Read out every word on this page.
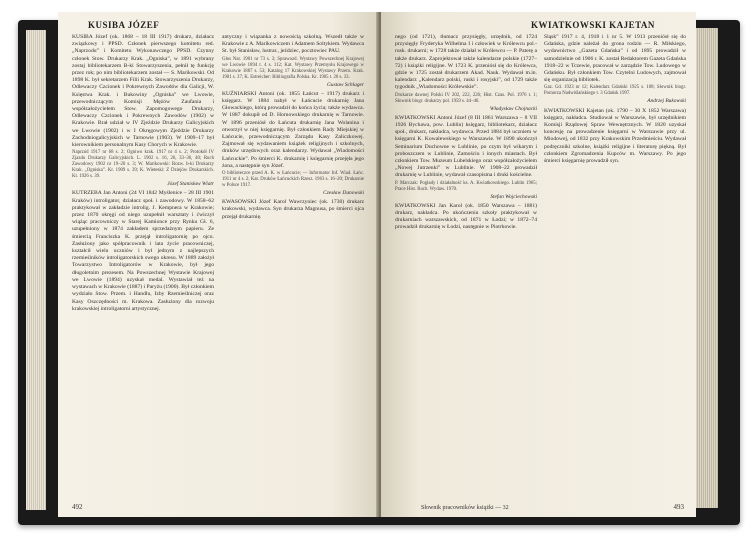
KUSIBA JÓZEF

KUSIBA Józef (ok. 1868 – 18 III 1917) drukarz, działacz związkowy i PPSD. Członek pierwszego komitetu red. „Naprzodu” i Komitetu Wykonawczego PPSD. Czynny członek Stow. Drukarzy Krak. „Ogniska”, w 1891 wybrany zostaj bibliotekarzem B-ki Stowarzyszenia, pełnił tę funkcję przez rok; po nim bibliotekarzem został — S. Marikowski. Od 1898 K. był sekretarzem Filii Krak. Stowarzyszenia Drukarzy, Odlewaczy Czcionek i Pokrewnych Zawodów dla Galicji, W. Księstwa Krak. i Bukowiny „Ogniska” we Lwowie, przewodniczącym Komisji Mężów Zaufania i współzałożycielem Stow. Zapomogowego Drukarzy, Odlewaczy Czcionek i Pokrewnych Zawodów (1902) w Krakowie. Brał udział w IV Zjeździe Drukarzy Galicyjskich we Lwowie (1902) i w I Okręgowym Zjeździe Drukarzy Zachodniogalicyjskich w Tarnowie (1903). W 1909–17 był kierownikiem personalnym Kasy Chorych w Krakowie.

Naprzód 1917 nr 68 s. 2; Ogniwo krak. 1917 nr 4 s. 2; Protokół IV Zjazdu Drukarzy Galicyjskich. L. 1902 s. 16, 26, 33–36, 40; Ruch Zawodowy 1902 nr 19–20 s. 3; W. Marikowski: Rozw. b-ki Drukarzy Krak. „Ogniska”. Kr. 1909 s. 39; K. Wieteski: Z Dziejów Drukarskich. Kr. 1926 s. 39.

Józef Stanisław Wiatr

KUTRZEBA Jan Antoni (24 VI 1842 Myślenice – 28 III 1901 Kraków) introligator, działacz społ. i zawodowy. W 1858–62 praktykował w zakładzie introlig. J. Kempnera w Krakowie; przez 1870 okręgi od niego uzupełnił warsztaty i ćwiczył wiążąc pracowniczy w Starej Kamionce przy Rynku Gł. 6, uzupełniony w 1874 zakładem sprzedażnym papieru. Ze śmiercią Franciszka K. przejął introligatornię po ojcu. Zasłużony jako spółpracownik i lata życie pracowniczej, kształcił wielu uczniów i był jednym z najlepszych rzemieślników introligatorskich swego okresu. W 1889 założył Towarzystwo Introligatorów w Krakowie, był jego długoletnim prezesem. Na Powszechnej Wystawie Krajowej we Lwowie (1894) uzyskał medal. Wystawiał też na wystawach w Krakowie (1887) i Paryżu (1900). Był członkiem wydziału Stow. Przem. i Handlu, Izby Rzemieślniczej oraz Kasy Oszczędności m. Krakowa. Zasłużony dla rozwoju krakowskiej introligatorni artystycznej.

antyczny i wiązanka z nowością szkolną. Wszedł także w Krakowie z A. Marikowiczem i Adamem Soltykiem. Wydawca St. był Stanisław, lustrar., jeździec, pocztowiec PAU.

Głos Nar. 1901 nr 73 s. 3; Sprawozd. Wystawy Powszechnej Krajowej we Lwowie 1894 t. 4 s. 112; Kat. Wystawy Przemysłu Krajowego w Krakowie 1887 s. 53; Katalog 17 Krakowskiej Wystawy Przem. Krak. 1901 s. 37; K. Estreicher: Bibliografia Polska. Kr. 1905 t. 20 s. 33.

Gustaw Schlager

KUŹNIARSKI Antoni (ok. 1855 Łańcut – 1917) drukarz i księgarz. W 1884 nabył w Łańcucie drukarnię Jana Głowackiego, którą prowadził do końca życia; także wydawca. W 1887 dokupił od D. Hornowskiego drukarnię w Tarnowie. W 1896 przeniósł do Łańcuta drukarnię Jana Wolanina i otworzył w niej księgarnię. Był członkiem Rady Miejskiej w Łańcucie, przewodniczącym Zarządu Kasy Zaliczkowej. Zajmował się wydawaniem książek religijnych i szkolnych, druków urzędowych oraz kalendarzy. Wydawał „Wiadomości Łańcuckie”. Po śmierci K. drukarnię i księgarnię przejęła jego żona, a następnie syn Józef.

O biblioteczce przed A. K. w Łańcucie; — Informator Inf. Wiad. Łańc. 1911 nr 4 s. 2; Kat. Druków Łańcuckich Rzesz. 1963 s. 16–20; Drukarnie w Polsce 1917.

Czesław Dunowski

KWASOWSKI Józef Karol Wawrzyniec (ok. 1730) drukarz krakowski, wydawca. Syn drukarza Magnusa, po śmierci ojca przejął drukarnię.

492
KWIATKOWSKI KAJETAN

nego (od 1721), tłumacz przysięgły, urzędnik, od 1724 przysięgły Fryderyka Wilhelma I i człowiek w Królewcu pol.-rusk. drukarni; w 1728 także działał w Królewcu — P. Paterę a także drukarz. Zaprojektował także kalendarze polskie (1727–72) i książki religijne. W 1723 K. przeniósł się do Królewca, gdzie w 1725 został drukarzem Akad. Nauk. Wydawał m.in. kalendarz „Kalendarz polski, ruski i rosyjski”, od 1729 także tygodnik „Wiadomości Królewskie”.

Drukarze dawnej Polski IV 202, 222, 226; Hist. Czas. Pol. 1976 t. 1; Słownik biogr. drukarzy pol. 1959 s. 44–46.

Władysław Chojnacki

KWIATKOWSKI Antoni Józef (8 III 1861 Warszawa – 8 VII 1926 Bychawa, pow. Lublin) księgarz, bibliotekarz, działacz społ., drukarz, nakładca, wydawca. Przed 1884 był uczniem w księgarni K. Kowalewskiego w Warszawie. W 1890 ukończył Seminarium Duchowne w Lublinie, po czym był wikarym i proboszczem w Lublinie, Zamościu i innych miastach. Był członkiem Tow. Muzeum Lubelskiego oraz współzałożycielem „Nowej Jutrzenki” w Lublinie. W 1908–22 prowadził drukarnię w Lublinie, wydawał czasopisma i druki kościelne.

P. Marczak: Pogłady i działalność ks. A. Kwiatkowskiego. Lublin 1965; Prace Hist. Ruch. Wydaw. 1970.

Stefan Wojciechowski

KWIATKOWSKI Jan Karol (ok. 1850 Warszawa – 1881) drukarz, nakładca. Po ukończeniu szkoły praktykował w drukarniach warszawskich, od 1871 w Łodzi; w 1872–74 prowadził drukarnię w Łodzi, następnie w Piotrkowie.

Śląsk” 1917 r. 4, 1918 i 1 nr 5. W 1913 przeniósł się do Gdańska, gdzie należał do grona rodzin — R. Miłskiego, wydawnictwo „Gazeta Gdańska” i od 1895 prowadził w samodzielnie od 1906 r. K. został Redaktorem Gazeta Gdańska 1918–22 w Tczewie, pracował w zarządzie Tow. Ludowego w Gdańsku. Był członkiem Tow. Czytelni Ludowych, zajmował się organizacją bibliotek.

Gaz. Gd. 1923 nr 12; Kalendarz Gdański 1925 s. 108; Słownik biogr. Pomorza Nadwiślańskiego t. 3 Gdańsk 1997.

Andrzej Bukowski

KWIATKOWSKI Kajetan (ok. 1790 – 30 X 1852 Warszawa) księgarz, nakładca. Studiował w Warszawie, był urzędnikiem Komisji Rządowej Spraw Wewnętrznych. W 1820 uzyskał koncesję na prowadzenie księgarni w Warszawie przy ul. Miodowej, od 1832 przy Krakowskim Przedmieściu. Wydawał podręczniki szkolne, książki religijne i literaturę piękną. Był członkiem Zgromadzenia Kupców m. Warszawy. Po jego śmierci księgarnię prowadził syn.

Słownik pracowników książki — 32	493
